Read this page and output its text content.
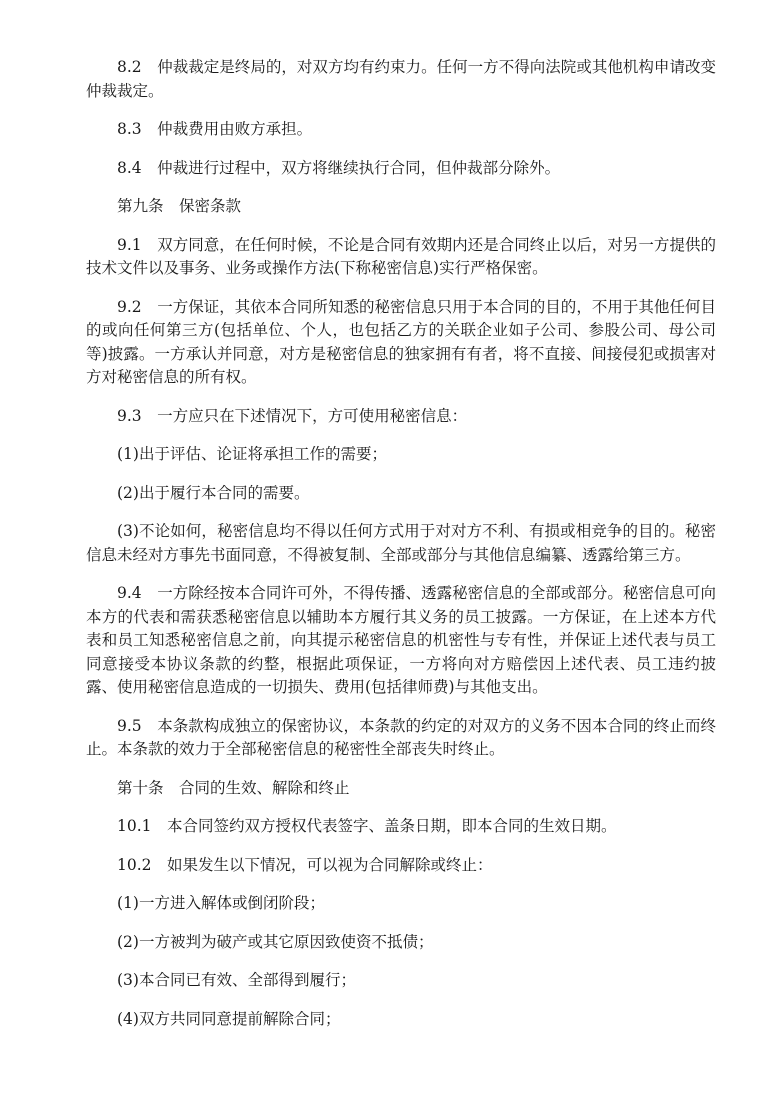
8.2　仲裁裁定是终局的，对双方均有约束力。任何一方不得向法院或其他机构申请改变仲裁裁定。

8.3　仲裁费用由败方承担。

8.4　仲裁进行过程中，双方将继续执行合同，但仲裁部分除外。

第九条　保密条款

9.1　双方同意，在任何时候，不论是合同有效期内还是合同终止以后，对另一方提供的技术文件以及事务、业务或操作方法(下称秘密信息)实行严格保密。

9.2　一方保证，其依本合同所知悉的秘密信息只用于本合同的目的，不用于其他任何目的或向任何第三方(包括单位、个人，也包括乙方的关联企业如子公司、参股公司、母公司等)披露。一方承认并同意，对方是秘密信息的独家拥有有者，将不直接、间接侵犯或损害对方对秘密信息的所有权。

9.3　一方应只在下述情况下，方可使用秘密信息：

(1)出于评估、论证将承担工作的需要；

(2)出于履行本合同的需要。

(3)不论如何，秘密信息均不得以任何方式用于对对方不利、有损或相竞争的目的。秘密信息未经对方事先书面同意，不得被复制、全部或部分与其他信息编纂、透露给第三方。

9.4　一方除经按本合同许可外，不得传播、透露秘密信息的全部或部分。秘密信息可向本方的代表和需获悉秘密信息以辅助本方履行其义务的员工披露。一方保证，在上述本方代表和员工知悉秘密信息之前，向其提示秘密信息的机密性与专有性，并保证上述代表与员工同意接受本协议条款的约整，根据此项保证，一方将向对方赔偿因上述代表、员工违约披露、使用秘密信息造成的一切损失、费用(包括律师费)与其他支出。

9.5　本条款构成独立的保密协议，本条款的约定的对双方的义务不因本合同的终止而终止。本条款的效力于全部秘密信息的秘密性全部丧失时终止。

第十条　合同的生效、解除和终止

10.1　本合同签约双方授权代表签字、盖条日期，即本合同的生效日期。

10.2　如果发生以下情况，可以视为合同解除或终止：

(1)一方进入解体或倒闭阶段；

(2)一方被判为破产或其它原因致使资不抵债；

(3)本合同已有效、全部得到履行；

(4)双方共同同意提前解除合同；
